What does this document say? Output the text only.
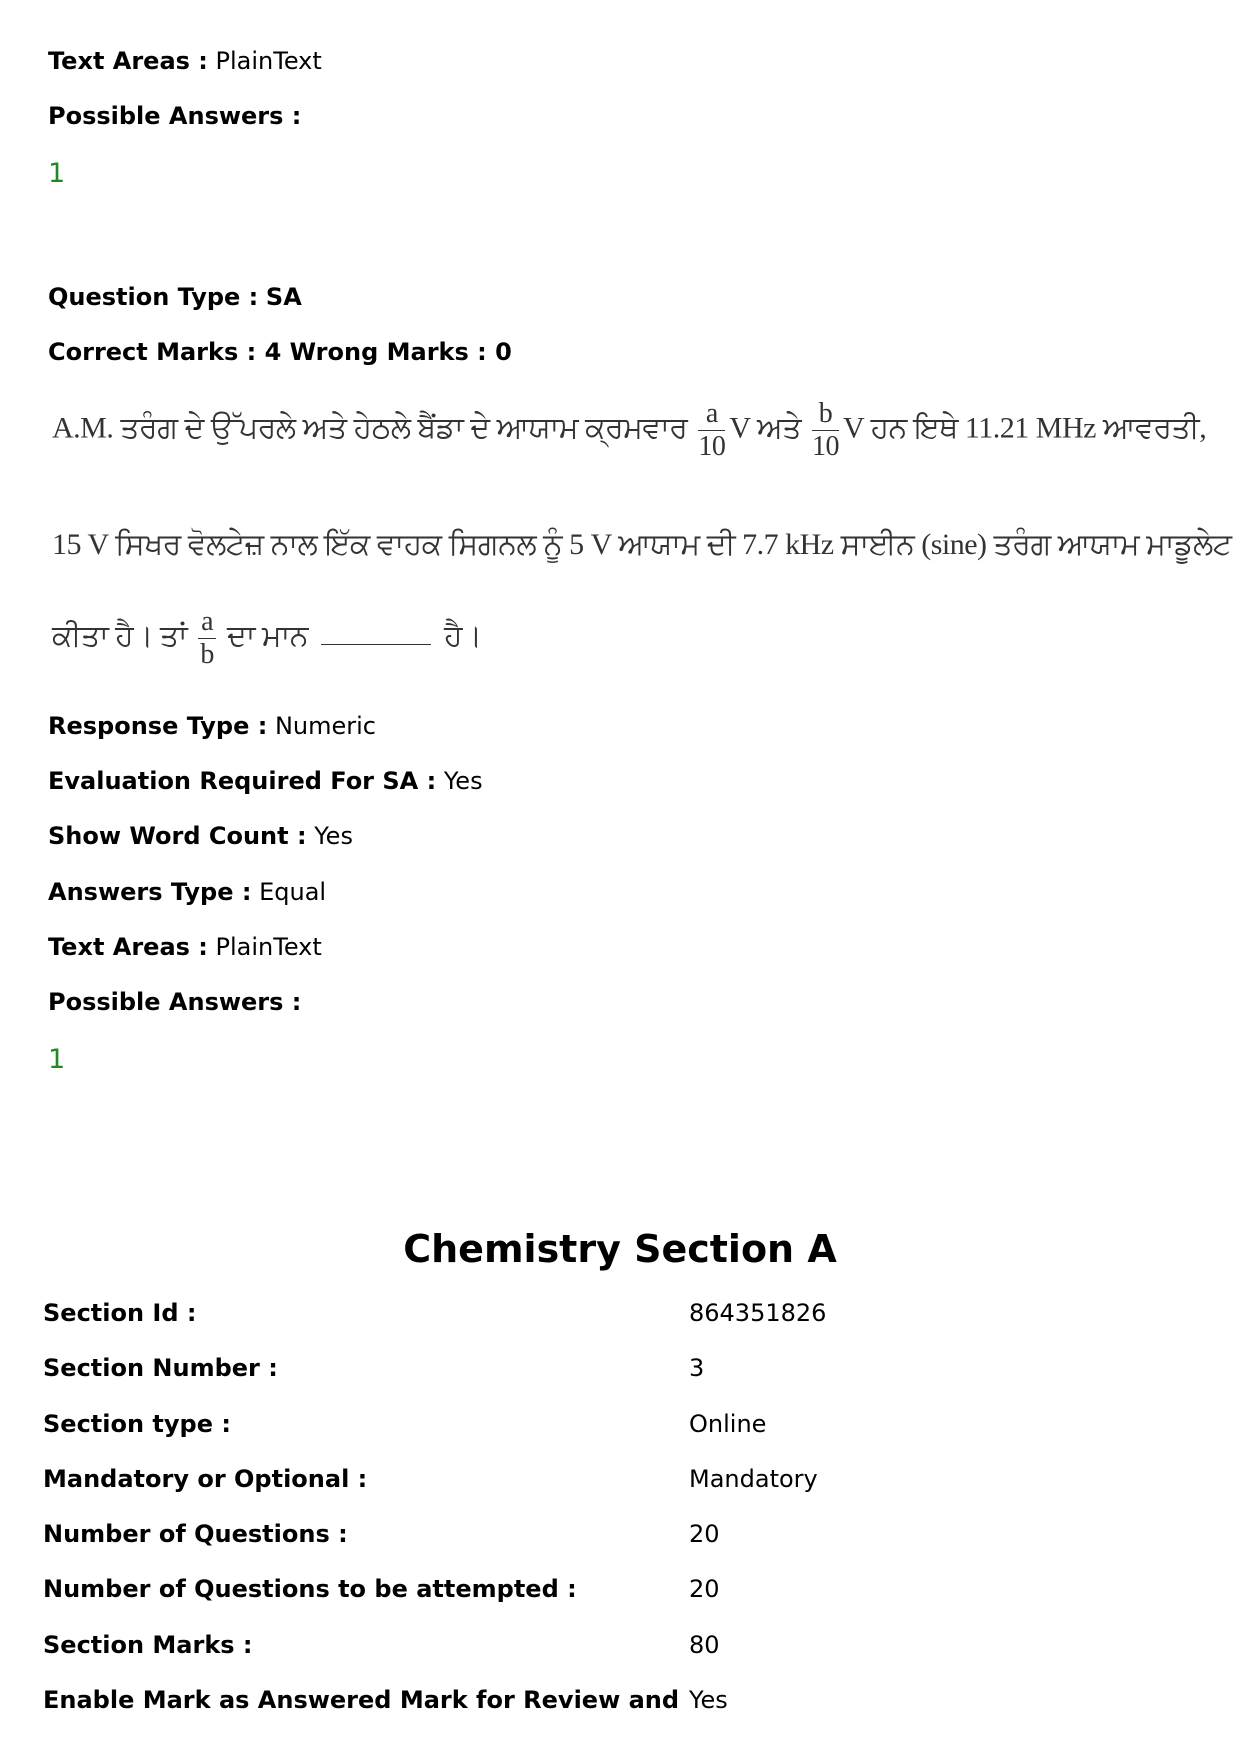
Text Areas : PlainText
Possible Answers :
1
Question Type : SA
Correct Marks : 4 Wrong Marks : 0
A.M. ਤਰੰਗ ਦੇ ਉੱਪਰਲੇ ਅਤੇ ਹੇਠਲੇ ਬੈਂਡਾ ਦੇ ਆਯਾਮ ਕ੍ਰਮਵਾਰ $\frac{a}{10}$ V ਅਤੇ $\frac{b}{10}$ V ਹਨ ਇਥੇ 11.21 MHz ਆਵਰਤੀ,
15 V ਸਿਖਰ ਵੋਲਟੇਜ਼ ਨਾਲ ਇੱਕ ਵਾਹਕ ਸਿਗਨਲ ਨੂੰ 5 V ਆਯਾਮ ਦੀ 7.7 kHz ਸਾਈਨ (sine) ਤਰੰਗ ਆਯਾਮ ਮਾਡੂਲੇਟ
ਕੀਤਾ ਹੈ। ਤਾਂ $\frac{a}{b}$ ਦਾ ਮਾਨ	ਹੈ।
Response Type : Numeric
Evaluation Required For SA : Yes
Show Word Count : Yes
Answers Type : Equal
Text Areas : PlainText
Possible Answers :
1
Chemistry Section A
Section Id :	864351826
Section Number :	3
Section type :	Online
Mandatory or Optional :	Mandatory
Number of Questions :	20
Number of Questions to be attempted :	20
Section Marks :	80
Enable Mark as Answered Mark for Review and Yes
